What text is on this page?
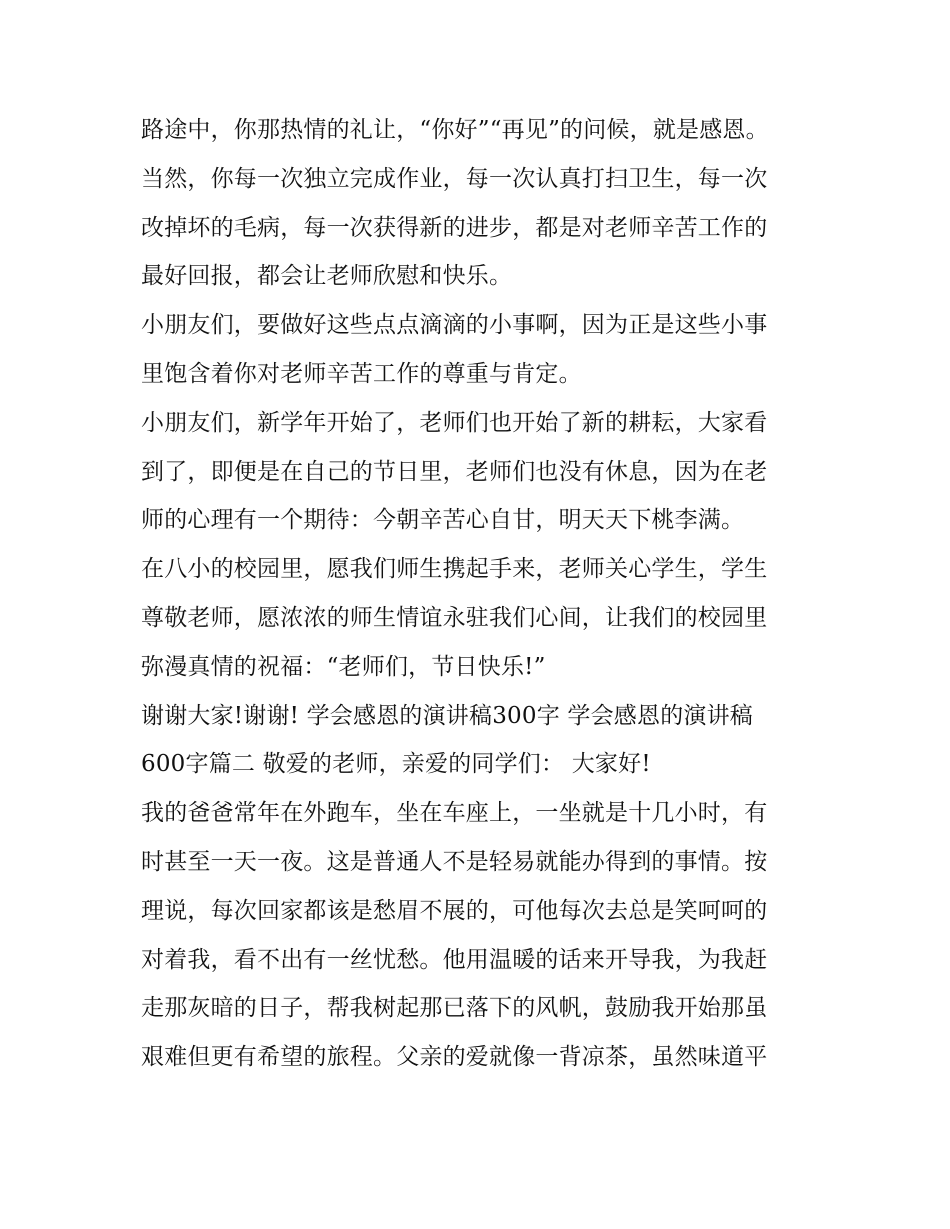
路途中，你那热情的礼让，“你好”“再见”的问候，就是感恩。
当然，你每一次独立完成作业，每一次认真打扫卫生，每一次
改掉坏的毛病，每一次获得新的进步，都是对老师辛苦工作的
最好回报，都会让老师欣慰和快乐。
小朋友们，要做好这些点点滴滴的小事啊，因为正是这些小事
里饱含着你对老师辛苦工作的尊重与肯定。
小朋友们，新学年开始了，老师们也开始了新的耕耘，大家看
到了，即便是在自己的节日里，老师们也没有休息，因为在老
师的心理有一个期待：今朝辛苦心自甘，明天天下桃李满。
在八小的校园里，愿我们师生携起手来，老师关心学生，学生
尊敬老师，愿浓浓的师生情谊永驻我们心间，让我们的校园里
弥漫真情的祝福：“老师们，节日快乐!”
谢谢大家!谢谢! 学会感恩的演讲稿300字 学会感恩的演讲稿
600字篇二 敬爱的老师，亲爱的同学们： 大家好!
我的爸爸常年在外跑车，坐在车座上，一坐就是十几小时，有
时甚至一天一夜。这是普通人不是轻易就能办得到的事情。按
理说，每次回家都该是愁眉不展的，可他每次去总是笑呵呵的
对着我，看不出有一丝忧愁。他用温暖的话来开导我，为我赶
走那灰暗的日子，帮我树起那已落下的风帆，鼓励我开始那虽
艰难但更有希望的旅程。父亲的爱就像一背凉茶，虽然味道平
